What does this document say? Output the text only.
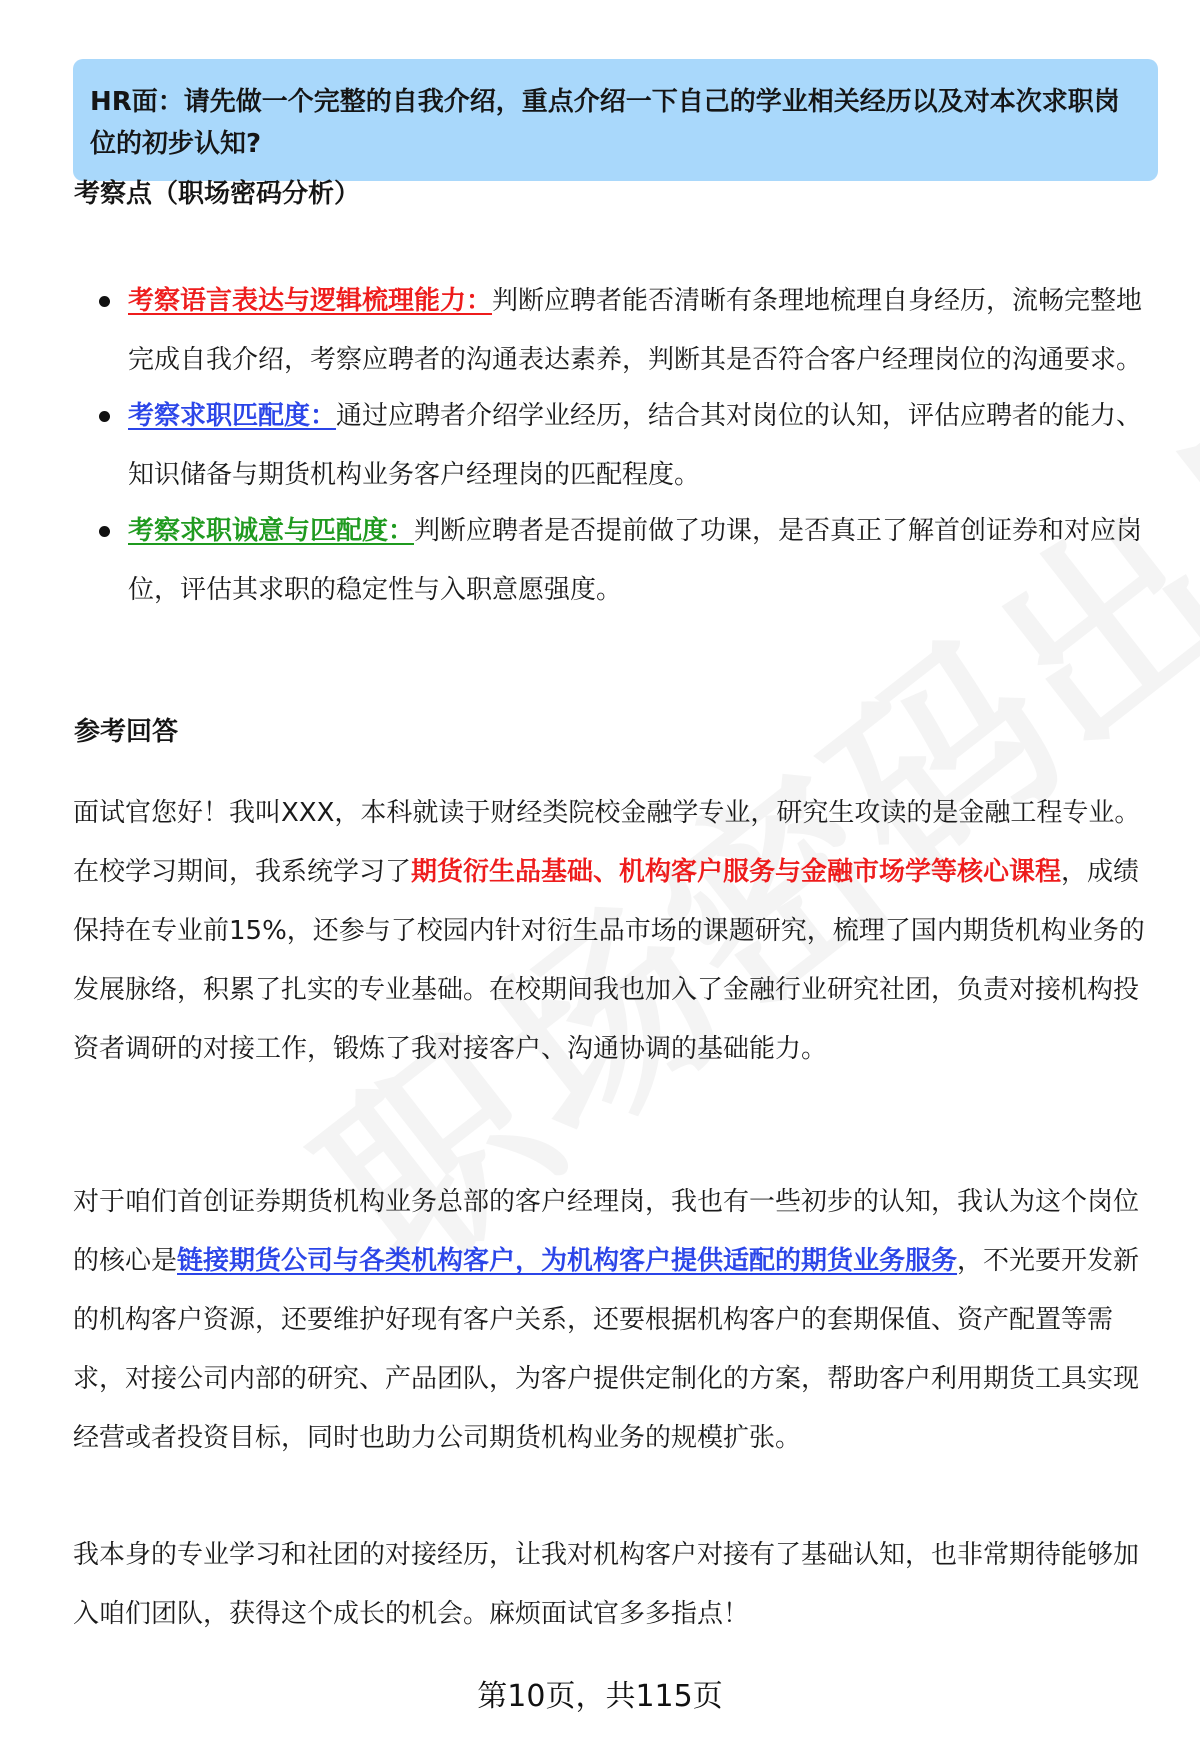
HR面：请先做一个完整的自我介绍，重点介绍一下自己的学业相关经历以及对本次求职岗位的初步认知?
考察点（职场密码分析）
考察语言表达与逻辑梳理能力：判断应聘者能否清晰有条理地梳理自身经历，流畅完整地完成自我介绍，考察应聘者的沟通表达素养，判断其是否符合客户经理岗位的沟通要求。
考察求职匹配度：通过应聘者介绍学业经历，结合其对岗位的认知，评估应聘者的能力、知识储备与期货机构业务客户经理岗的匹配程度。
考察求职诚意与匹配度：判断应聘者是否提前做了功课，是否真正了解首创证券和对应岗位，评估其求职的稳定性与入职意愿强度。
参考回答
面试官您好！我叫XXX，本科就读于财经类院校金融学专业，研究生攻读的是金融工程专业。在校学习期间，我系统学习了期货衍生品基础、机构客户服务与金融市场学等核心课程，成绩保持在专业前15%，还参与了校园内针对衍生品市场的课题研究，梳理了国内期货机构业务的发展脉络，积累了扎实的专业基础。在校期间我也加入了金融行业研究社团，负责对接机构投资者调研的对接工作，锻炼了我对接客户、沟通协调的基础能力。
对于咱们首创证券期货机构业务总部的客户经理岗，我也有一些初步的认知，我认为这个岗位的核心是链接期货公司与各类机构客户，为机构客户提供适配的期货业务服务，不光要开发新的机构客户资源，还要维护好现有客户关系，还要根据机构客户的套期保值、资产配置等需求，对接公司内部的研究、产品团队，为客户提供定制化的方案，帮助客户利用期货工具实现经营或者投资目标，同时也助力公司期货机构业务的规模扩张。
我本身的专业学习和社团的对接经历，让我对机构客户对接有了基础认知，也非常期待能够加入咱们团队，获得这个成长的机会。麻烦面试官多多指点！
第10页，共115页
